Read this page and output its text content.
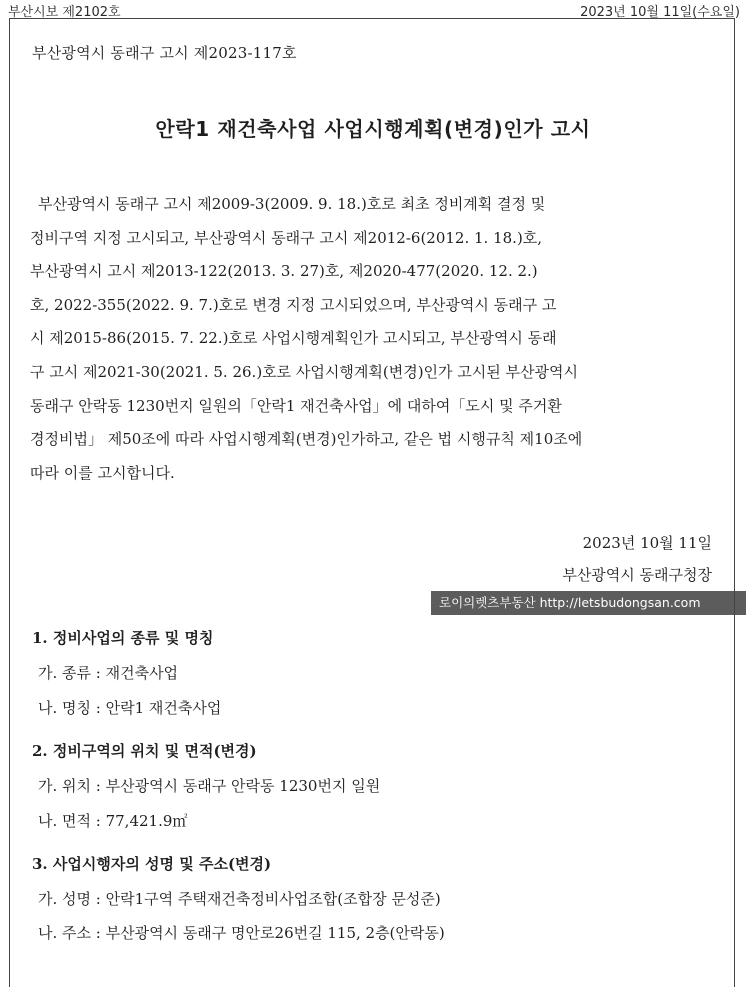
부산시보 제2102호	2023년 10월 11일(수요일)
부산광역시 동래구 고시 제2023-117호
안락1 재건축사업 사업시행계획(변경)인가 고시
부산광역시 동래구 고시 제2009-3(2009. 9. 18.)호로 최초 정비계획 결정 및
정비구역 지정 고시되고, 부산광역시 동래구 고시 제2012-6(2012. 1. 18.)호,
부산광역시 고시 제2013-122(2013. 3. 27)호, 제2020-477(2020. 12. 2.)
호, 2022-355(2022. 9. 7.)호로 변경 지정 고시되었으며, 부산광역시 동래구 고
시 제2015-86(2015. 7. 22.)호로 사업시행계획인가 고시되고, 부산광역시 동래
구 고시 제2021-30(2021. 5. 26.)호로 사업시행계획(변경)인가 고시된 부산광역시
동래구 안락동 1230번지 일원의「안락1 재건축사업」에 대하여「도시 및 주거환
경정비법」 제50조에 따라 사업시행계획(변경)인가하고, 같은 법 시행규칙 제10조에
따라 이를 고시합니다.
2023년 10월 11일
부산광역시 동래구청장
로이의렛츠부동산 http://letsbudongsan.com
1. 정비사업의 종류 및 명칭
가. 종류 : 재건축사업
나. 명칭 : 안락1 재건축사업
2. 정비구역의 위치 및 면적(변경)
가. 위치 : 부산광역시 동래구 안락동 1230번지 일원
나. 면적 : 77,421.9㎡
3. 사업시행자의 성명 및 주소(변경)
가. 성명 : 안락1구역 주택재건축정비사업조합(조합장 문성준)
나. 주소 : 부산광역시 동래구 명안로26번길 115, 2층(안락동)
